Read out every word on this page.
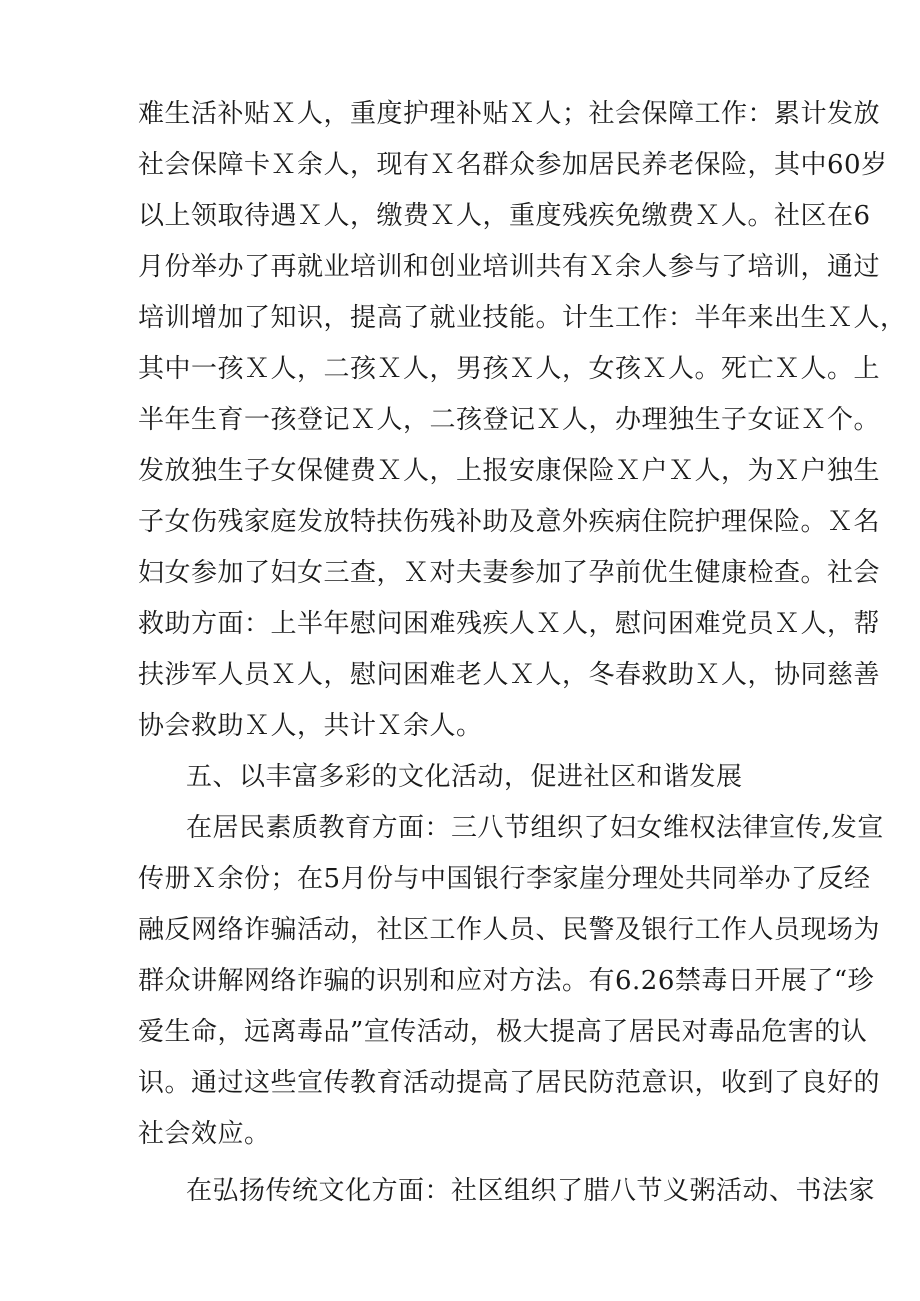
难生活补贴Ｘ人，重度护理补贴Ｘ人；社会保障工作：累计发放
社会保障卡Ｘ余人，现有Ｘ名群众参加居民养老保险，其中60岁
以上领取待遇Ｘ人，缴费Ｘ人，重度残疾免缴费Ｘ人。社区在6
月份举办了再就业培训和创业培训共有Ｘ余人参与了培训，通过
培训增加了知识，提高了就业技能。计生工作：半年来出生Ｘ人，
其中一孩Ｘ人，二孩Ｘ人，男孩Ｘ人，女孩Ｘ人。死亡Ｘ人。上
半年生育一孩登记Ｘ人，二孩登记Ｘ人，办理独生子女证Ｘ个。
发放独生子女保健费Ｘ人，上报安康保险Ｘ户Ｘ人，为Ｘ户独生
子女伤残家庭发放特扶伤残补助及意外疾病住院护理保险。Ｘ名
妇女参加了妇女三查，Ｘ对夫妻参加了孕前优生健康检查。社会
救助方面：上半年慰问困难残疾人Ｘ人，慰问困难党员Ｘ人，帮
扶涉军人员Ｘ人，慰问困难老人Ｘ人，冬春救助Ｘ人，协同慈善
协会救助Ｘ人，共计Ｘ余人。
五、以丰富多彩的文化活动，促进社区和谐发展
在居民素质教育方面：三八节组织了妇女维权法律宣传,发宣
传册Ｘ余份；在5月份与中国银行李家崖分理处共同举办了反经
融反网络诈骗活动，社区工作人员、民警及银行工作人员现场为
群众讲解网络诈骗的识别和应对方法。有6.26禁毒日开展了“珍
爱生命，远离毒品”宣传活动，极大提高了居民对毒品危害的认
识。通过这些宣传教育活动提高了居民防范意识，收到了良好的
社会效应。
在弘扬传统文化方面：社区组织了腊八节义粥活动、书法家
